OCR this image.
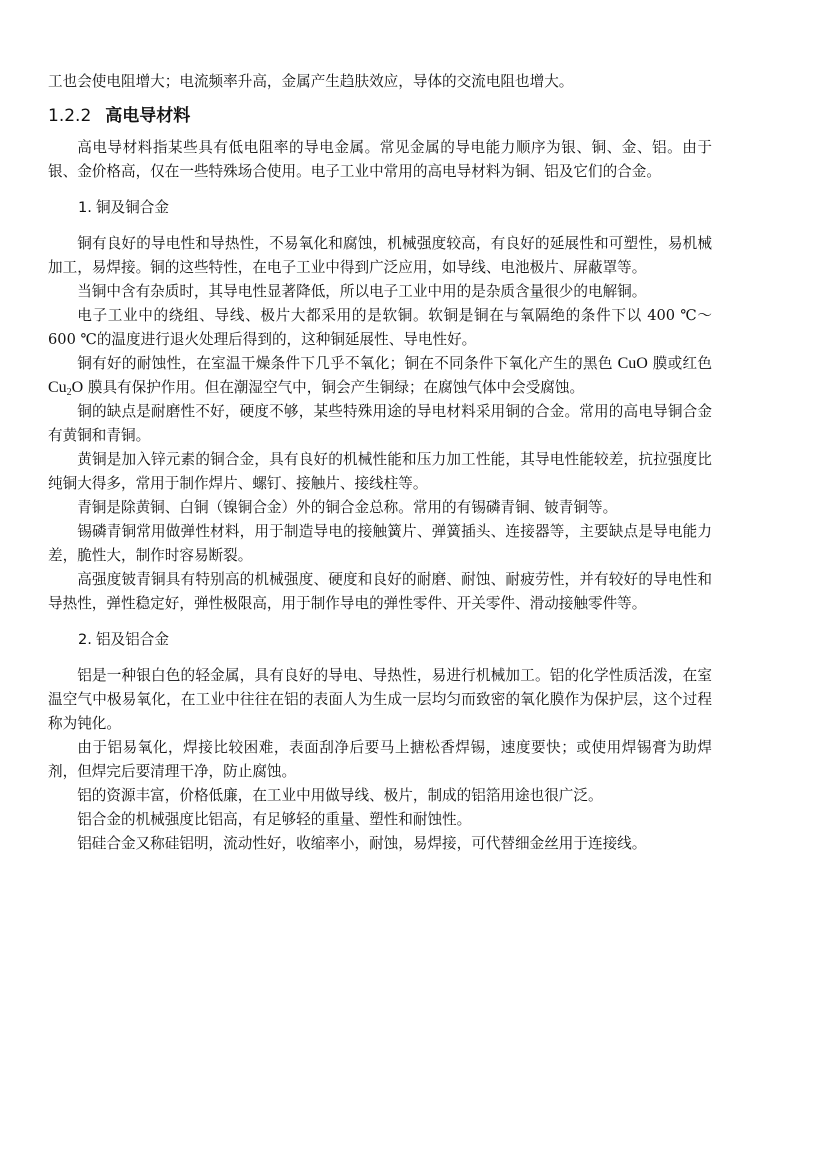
工也会使电阻增大；电流频率升高，金属产生趋肤效应，导体的交流电阻也增大。

1.2.2 高电导材料

高电导材料指某些具有低电阻率的导电金属。常见金属的导电能力顺序为银、铜、金、铝。由于银、金价格高，仅在一些特殊场合使用。电子工业中常用的高电导材料为铜、铝及它们的合金。

1. 铜及铜合金

铜有良好的导电性和导热性，不易氧化和腐蚀，机械强度较高，有良好的延展性和可塑性，易机械加工，易焊接。铜的这些特性，在电子工业中得到广泛应用，如导线、电池极片、屏蔽罩等。

当铜中含有杂质时，其导电性显著降低，所以电子工业中用的是杂质含量很少的电解铜。

电子工业中的绕组、导线、极片大都采用的是软铜。软铜是铜在与氧隔绝的条件下以 400 ℃～600 ℃的温度进行退火处理后得到的，这种铜延展性、导电性好。

铜有好的耐蚀性，在室温干燥条件下几乎不氧化；铜在不同条件下氧化产生的黑色 CuO 膜或红色 $Cu_2O$ 膜具有保护作用。但在潮湿空气中，铜会产生铜绿；在腐蚀气体中会受腐蚀。

铜的缺点是耐磨性不好，硬度不够，某些特殊用途的导电材料采用铜的合金。常用的高电导铜合金有黄铜和青铜。

黄铜是加入锌元素的铜合金，具有良好的机械性能和压力加工性能，其导电性能较差，抗拉强度比纯铜大得多，常用于制作焊片、螺钉、接触片、接线柱等。

青铜是除黄铜、白铜（镍铜合金）外的铜合金总称。常用的有锡磷青铜、铍青铜等。

锡磷青铜常用做弹性材料，用于制造导电的接触簧片、弹簧插头、连接器等，主要缺点是导电能力差，脆性大，制作时容易断裂。

高强度铍青铜具有特别高的机械强度、硬度和良好的耐磨、耐蚀、耐疲劳性，并有较好的导电性和导热性，弹性稳定好，弹性极限高，用于制作导电的弹性零件、开关零件、滑动接触零件等。

2. 铝及铝合金

铝是一种银白色的轻金属，具有良好的导电、导热性，易进行机械加工。铝的化学性质活泼，在室温空气中极易氧化，在工业中往往在铝的表面人为生成一层均匀而致密的氧化膜作为保护层，这个过程称为钝化。

由于铝易氧化，焊接比较困难，表面刮净后要马上搪松香焊锡，速度要快；或使用焊锡膏为助焊剂，但焊完后要清理干净，防止腐蚀。

铝的资源丰富，价格低廉，在工业中用做导线、极片，制成的铝箔用途也很广泛。

铝合金的机械强度比铝高，有足够轻的重量、塑性和耐蚀性。

铝硅合金又称硅铝明，流动性好，收缩率小，耐蚀，易焊接，可代替细金丝用于连接线。
